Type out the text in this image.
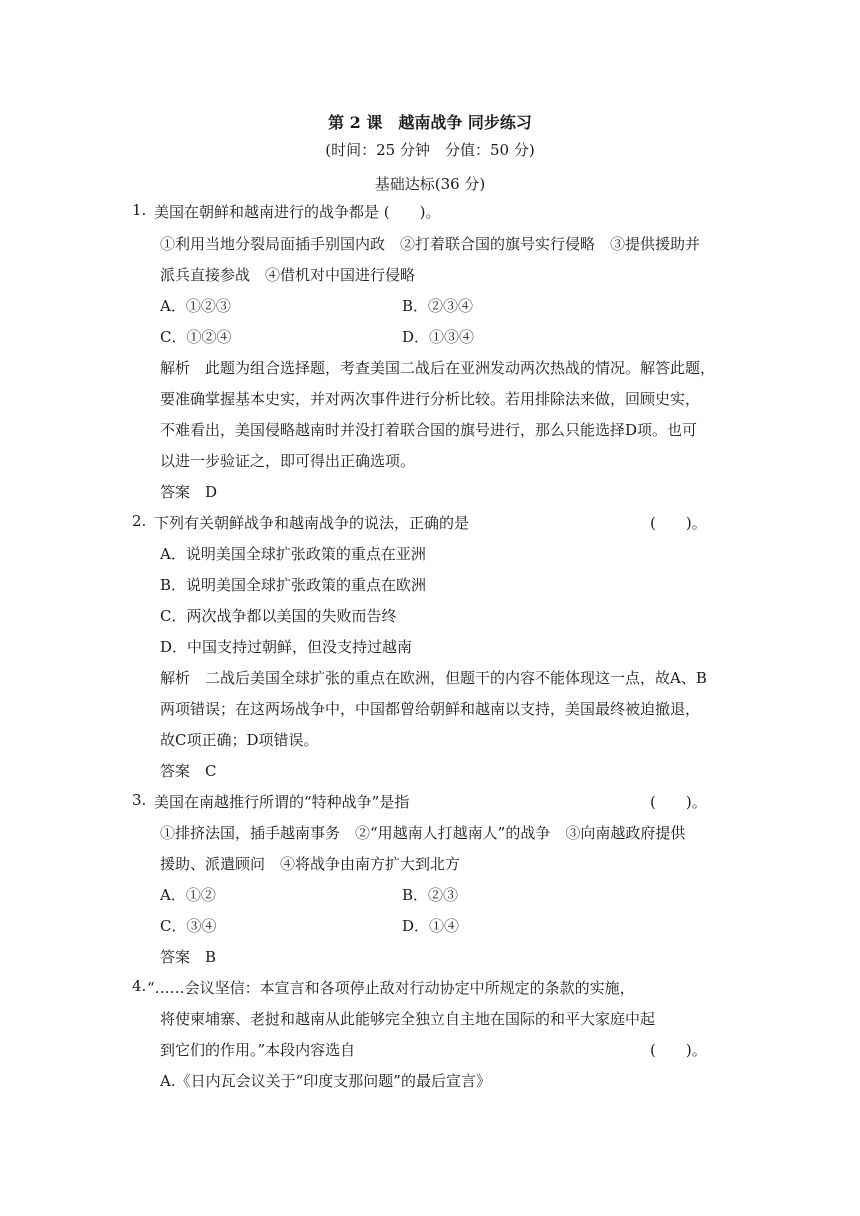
第 2 课　越南战争 同步练习
(时间：25 分钟　分值：50 分)
基础达标(36 分)
1. 美国在朝鲜和越南进行的战争都是 (　　)。
①利用当地分裂局面插手别国内政　②打着联合国的旗号实行侵略　③提供援助并
派兵直接参战　④借机对中国进行侵略
A．①②③	B．②③④
C．①②④	D．①③④
解析　此题为组合选择题，考查美国二战后在亚洲发动两次热战的情况。解答此题，
要准确掌握基本史实，并对两次事件进行分析比较。若用排除法来做，回顾史实，
不难看出，美国侵略越南时并没打着联合国的旗号进行，那么只能选择D项。也可
以进一步验证之，即可得出正确选项。
答案　D
2. 下列有关朝鲜战争和越南战争的说法，正确的是	(　　)。
A．说明美国全球扩张政策的重点在亚洲
B．说明美国全球扩张政策的重点在欧洲
C．两次战争都以美国的失败而告终
D．中国支持过朝鲜，但没支持过越南
解析　二战后美国全球扩张的重点在欧洲，但题干的内容不能体现这一点，故A、B
两项错误；在这两场战争中，中国都曾给朝鲜和越南以支持，美国最终被迫撤退，
故C项正确；D项错误。
答案　C
3. 美国在南越推行所谓的“特种战争”是指	(　　)。
①排挤法国，插手越南事务　②“用越南人打越南人”的战争　③向南越政府提供
援助、派遣顾问　④将战争由南方扩大到北方
A．①②	B．②③
C．③④	D．①④
答案　B
4. “……会议坚信：本宣言和各项停止敌对行动协定中所规定的条款的实施，
将使柬埔寨、老挝和越南从此能够完全独立自主地在国际的和平大家庭中起
到它们的作用。”本段内容选自	(　　)。
A.《日内瓦会议关于“印度支那问题”的最后宣言》
